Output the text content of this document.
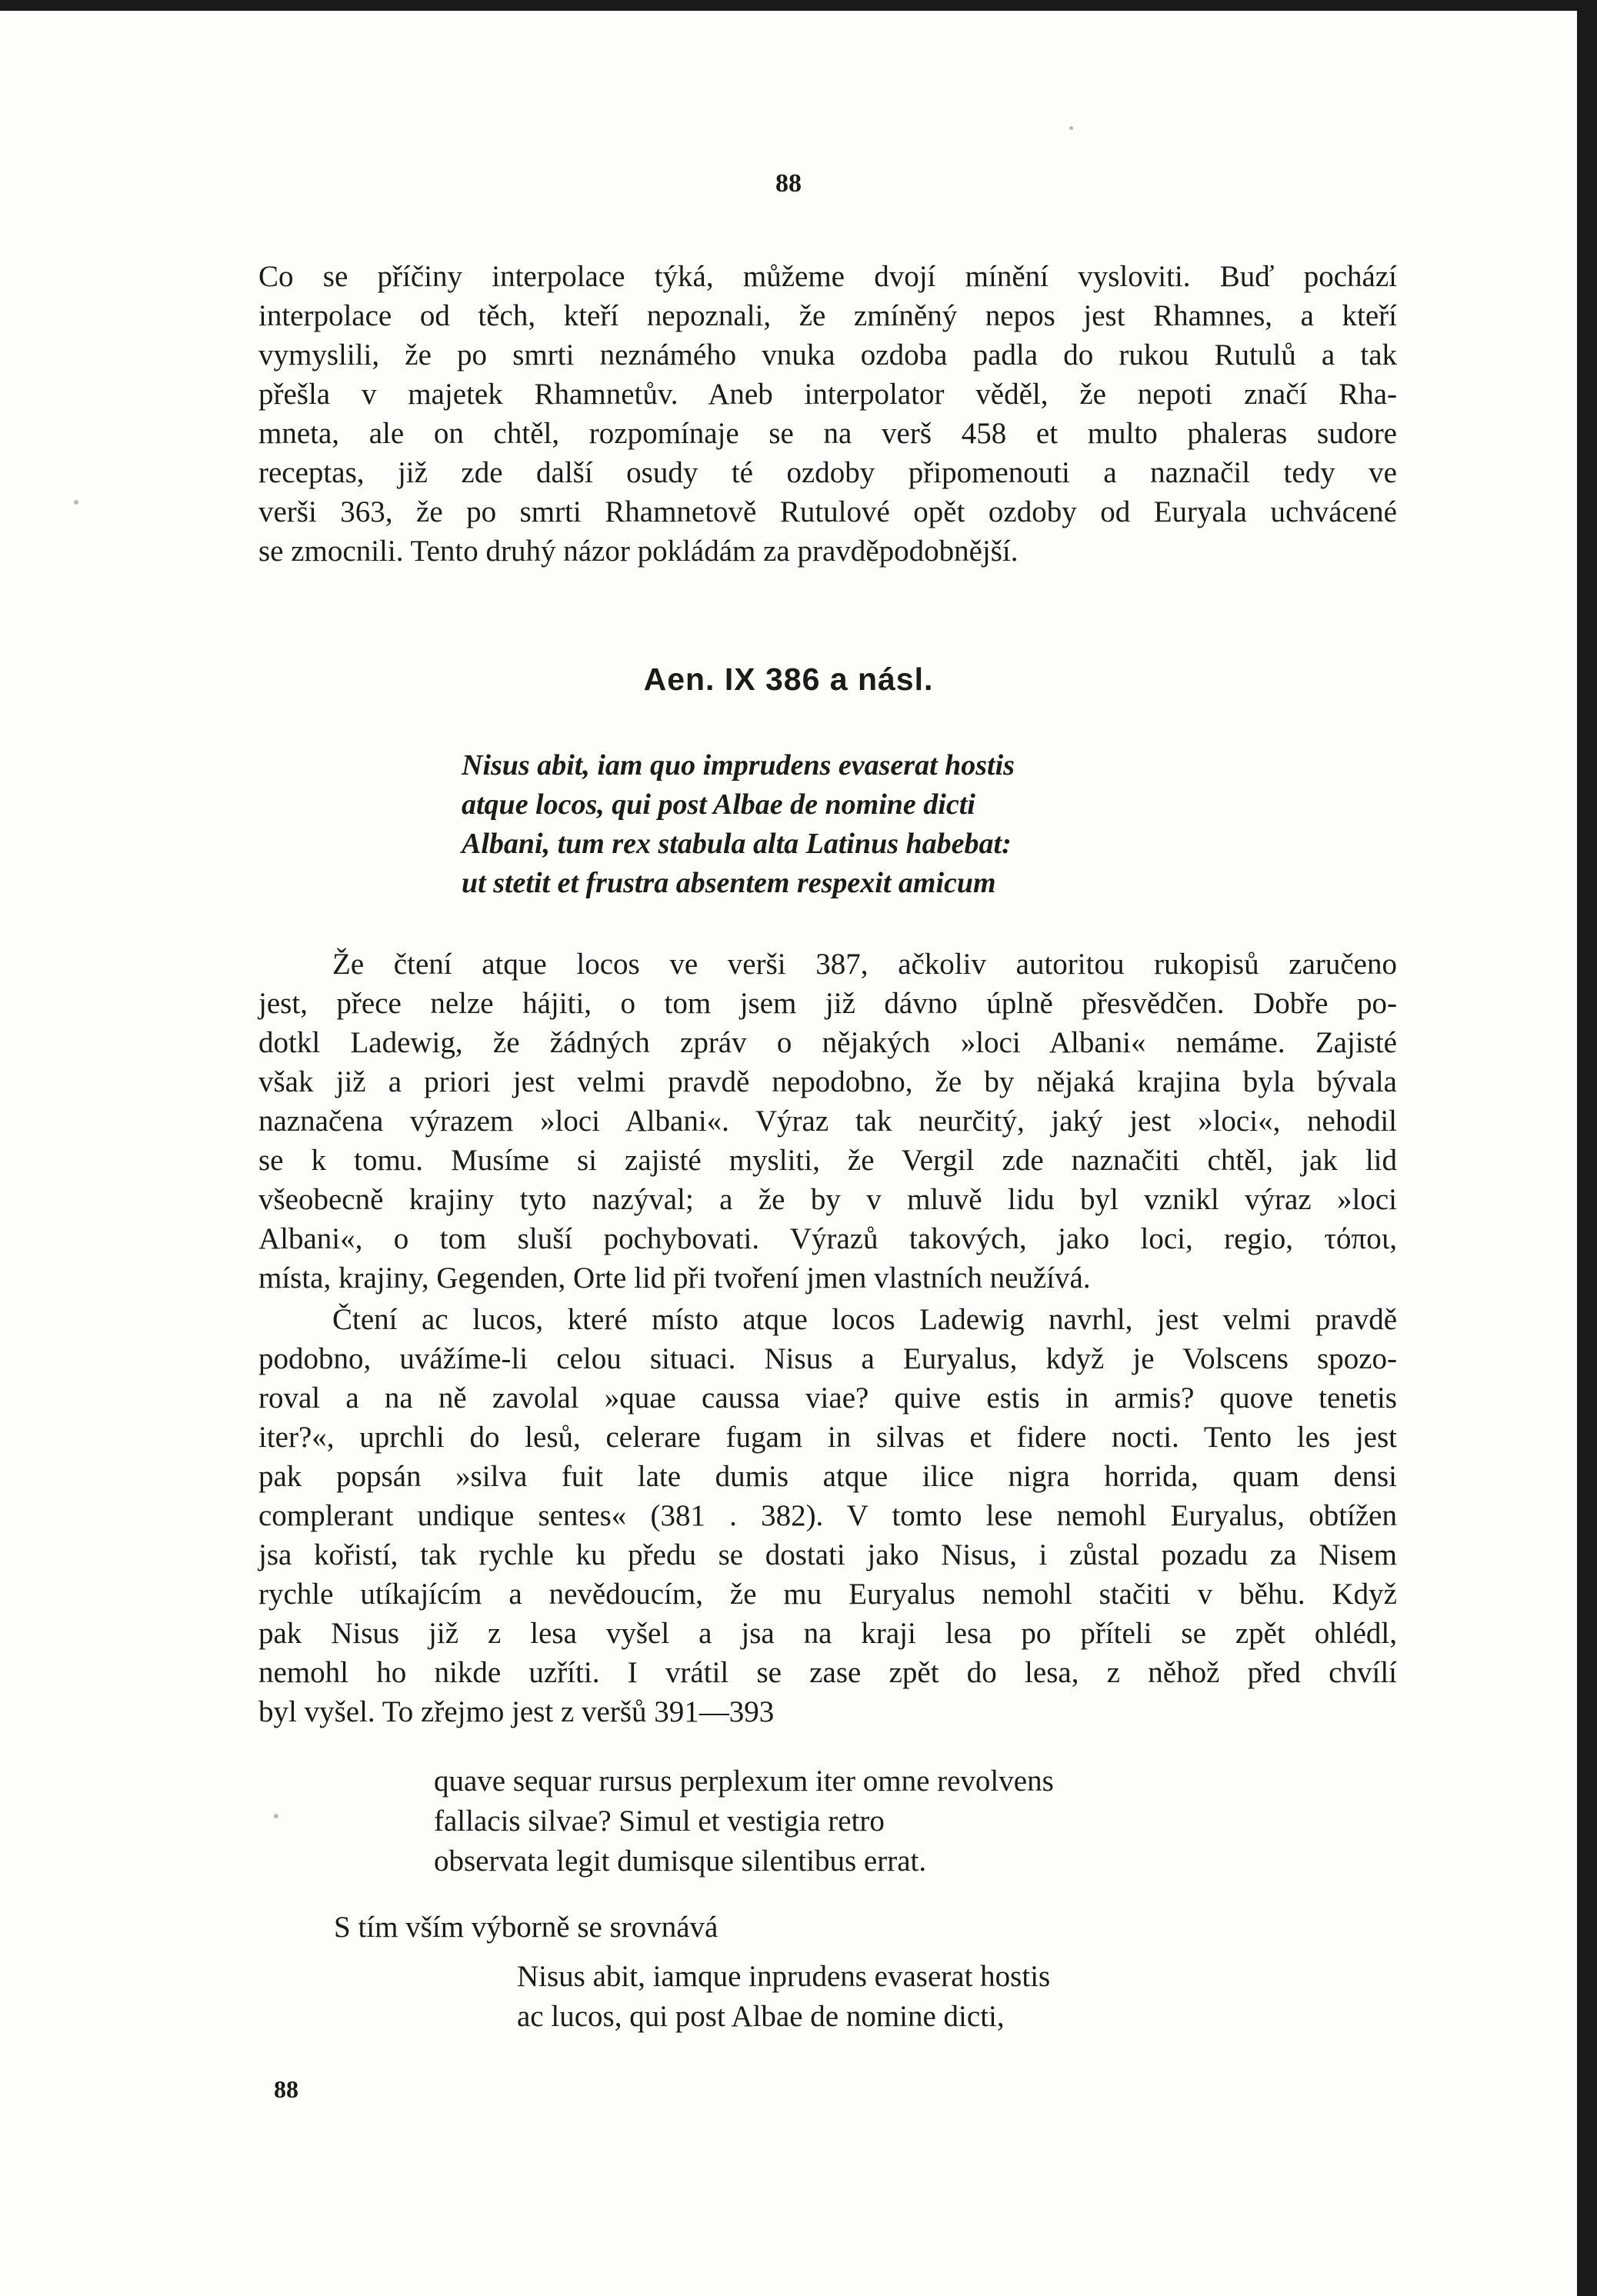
88
Co se příčiny interpolace týká, můžeme dvojí mínění vysloviti. Buď pochází
interpolace od těch, kteří nepoznali, že zmíněný nepos jest Rhamnes, a kteří
vymyslili, že po smrti neznámého vnuka ozdoba padla do rukou Rutulů a tak
přešla v majetek Rhamnetův. Aneb interpolator věděl, že nepoti značí Rha-
mneta, ale on chtěl, rozpomínaje se na verš 458 et multo phaleras sudore
receptas, již zde další osudy té ozdoby připomenouti a naznačil tedy ve
verši 363, že po smrti Rhamnetově Rutulové opět ozdoby od Euryala uchvácené
se zmocnili. Tento druhý názor pokládám za pravděpodobnější.
Aen. IX 386 a násl.
Nisus abit, iam quo imprudens evaserat hostis
atque locos, qui post Albae de nomine dicti
Albani, tum rex stabula alta Latinus habebat:
ut stetit et frustra absentem respexit amicum
Že čtení atque locos ve verši 387, ačkoliv autoritou rukopisů zaručeno
jest, přece nelze hájiti, o tom jsem již dávno úplně přesvědčen. Dobře po-
dotkl Ladewig, že žádných zpráv o nějakých »loci Albani« nemáme. Zajisté
však již a priori jest velmi pravdě nepodobno, že by nějaká krajina byla bývala
naznačena výrazem »loci Albani«. Výraz tak neurčitý, jaký jest »loci«, nehodil
se k tomu. Musíme si zajisté mysliti, že Vergil zde naznačiti chtěl, jak lid
všeobecně krajiny tyto nazýval; a že by v mluvě lidu byl vznikl výraz »loci
Albani«, o tom sluší pochybovati. Výrazů takových, jako loci, regio, τόποι,
místa, krajiny, Gegenden, Orte lid při tvoření jmen vlastních neužívá.
Čtení ac lucos, které místo atque locos Ladewig navrhl, jest velmi pravdě
podobno, uvážíme-li celou situaci. Nisus a Euryalus, když je Volscens spozo-
roval a na ně zavolal »quae caussa viae? quive estis in armis? quove tenetis
iter?«, uprchli do lesů, celerare fugam in silvas et fidere nocti. Tento les jest
pak popsán »silva fuit late dumis atque ilice nigra horrida, quam densi
complerant undique sentes« (381 . 382). V tomto lese nemohl Euryalus, obtížen
jsa kořistí, tak rychle ku předu se dostati jako Nisus, i zůstal pozadu za Nisem
rychle utíkajícím a nevědoucím, že mu Euryalus nemohl stačiti v běhu. Když
pak Nisus již z lesa vyšel a jsa na kraji lesa po příteli se zpět ohlédl,
nemohl ho nikde uzříti. I vrátil se zase zpět do lesa, z něhož před chvílí
byl vyšel. To zřejmo jest z veršů 391—393
quave sequar rursus perplexum iter omne revolvens
fallacis silvae? Simul et vestigia retro
observata legit dumisque silentibus errat.
S tím vším výborně se srovnává
Nisus abit, iamque inprudens evaserat hostis
ac lucos, qui post Albae de nomine dicti,
88
